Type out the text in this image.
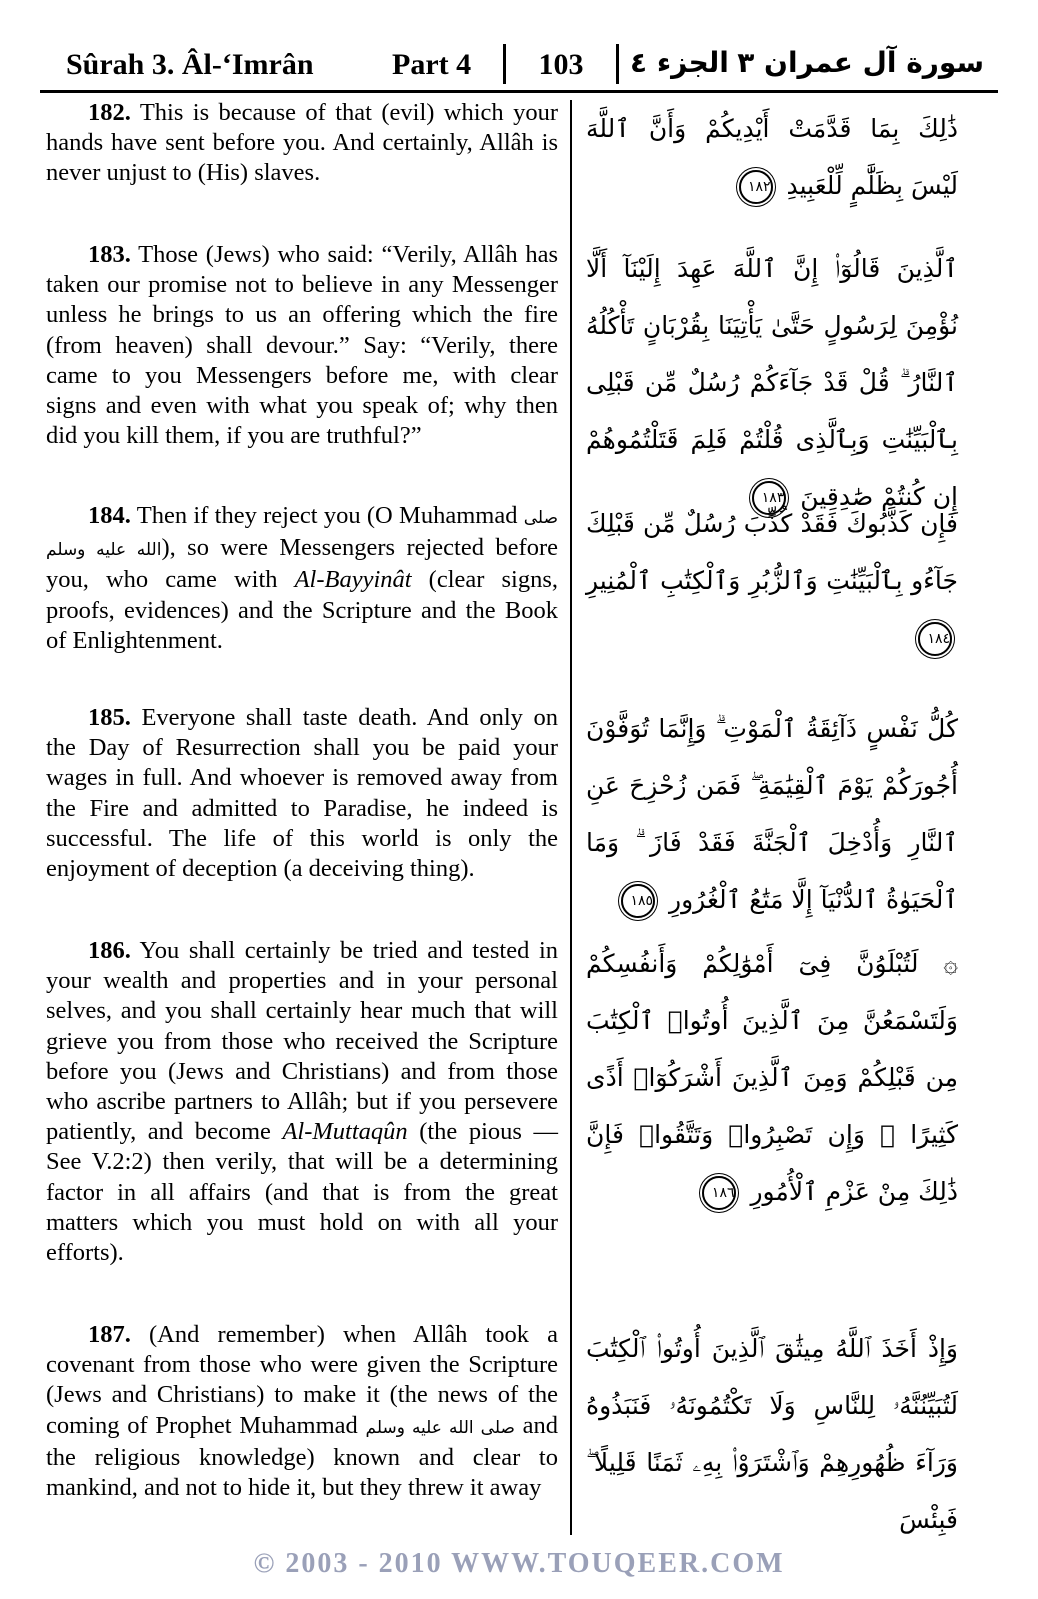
Sûrah 3. Âl-‘Imrân	Part 4	103	الجزء ٤ سورة آل عمران ٣
182. This is because of that (evil) which your hands have sent before you. And certainly, Allâh is never unjust to (His) slaves.
183. Those (Jews) who said: “Verily, Allâh has taken our promise not to believe in any Messenger unless he brings to us an offering which the fire (from heaven) shall devour.” Say: “Verily, there came to you Messengers before me, with clear signs and even with what you speak of; why then did you kill them, if you are truthful?”
184. Then if they reject you (O Muhammad صلى الله عليه وسلم), so were Messengers rejected before you, who came with Al-Bayyinât (clear signs, proofs, evidences) and the Scripture and the Book of Enlightenment.
185. Everyone shall taste death. And only on the Day of Resurrection shall you be paid your wages in full. And whoever is removed away from the Fire and admitted to Paradise, he indeed is successful. The life of this world is only the enjoyment of deception (a deceiving thing).
186. You shall certainly be tried and tested in your wealth and properties and in your personal selves, and you shall certainly hear much that will grieve you from those who received the Scripture before you (Jews and Christians) and from those who ascribe partners to Allâh; but if you persevere patiently, and become Al-Muttaqûn (the pious — See V.2:2) then verily, that will be a determining factor in all affairs (and that is from the great matters which you must hold on with all your efforts).
187. (And remember) when Allâh took a covenant from those who were given the Scripture (Jews and Christians) to make it (the news of the coming of Prophet Muhammad صلى الله عليه وسلم and the religious knowledge) known and clear to mankind, and not to hide it, but they threw it away
ذَٰلِكَ بِمَا قَدَّمَتْ أَيْدِيكُمْ وَأَنَّ ٱللَّهَ لَيْسَ بِظَلَّٰمٍ لِّلْعَبِيدِ ١٨٢
ٱلَّذِينَ قَالُوٓا۟ إِنَّ ٱللَّهَ عَهِدَ إِلَيْنَآ أَلَّا نُؤْمِنَ لِرَسُولٍ حَتَّىٰ يَأْتِيَنَا بِقُرْبَانٍ تَأْكُلُهُ ٱلنَّارُ ۗ قُلْ قَدْ جَآءَكُمْ رُسُلٌ مِّن قَبْلِى بِٱلْبَيِّنَٰتِ وَبِٱلَّذِى قُلْتُمْ فَلِمَ قَتَلْتُمُوهُمْ إِن كُنتُمْ صَٰدِقِينَ ١٨٣
فَإِن كَذَّبُوكَ فَقَدْ كُذِّبَ رُسُلٌ مِّن قَبْلِكَ جَآءُو بِٱلْبَيِّنَٰتِ وَٱلزُّبُرِ وَٱلْكِتَٰبِ ٱلْمُنِيرِ ١٨٤
كُلُّ نَفْسٍ ذَآئِقَةُ ٱلْمَوْتِ ۗ وَإِنَّمَا تُوَفَّوْنَ أُجُورَكُمْ يَوْمَ ٱلْقِيَٰمَةِ ۖ فَمَن زُحْزِحَ عَنِ ٱلنَّارِ وَأُدْخِلَ ٱلْجَنَّةَ فَقَدْ فَازَ ۗ وَمَا ٱلْحَيَوٰةُ ٱلدُّنْيَآ إِلَّا مَتَٰعُ ٱلْغُرُورِ ١٨٥
۞ لَتُبْلَوُنَّ فِىٓ أَمْوَٰلِكُمْ وَأَنفُسِكُمْ وَلَتَسْمَعُنَّ مِنَ ٱلَّذِينَ أُوتُوا۟ ٱلْكِتَٰبَ مِن قَبْلِكُمْ وَمِنَ ٱلَّذِينَ أَشْرَكُوٓا۟ أَذًى كَثِيرًا ۚ وَإِن تَصْبِرُوا۟ وَتَتَّقُوا۟ فَإِنَّ ذَٰلِكَ مِنْ عَزْمِ ٱلْأُمُورِ ١٨٦
وَإِذْ أَخَذَ ٱللَّهُ مِيثَٰقَ ٱلَّذِينَ أُوتُوا۟ ٱلْكِتَٰبَ لَتُبَيِّنُنَّهُۥ لِلنَّاسِ وَلَا تَكْتُمُونَهُۥ فَنَبَذُوهُ وَرَآءَ ظُهُورِهِمْ وَٱشْتَرَوْا۟ بِهِۦ ثَمَنًا قَلِيلًا ۖ فَبِئْسَ
© 2003 - 2010 WWW.TOUQEER.COM
